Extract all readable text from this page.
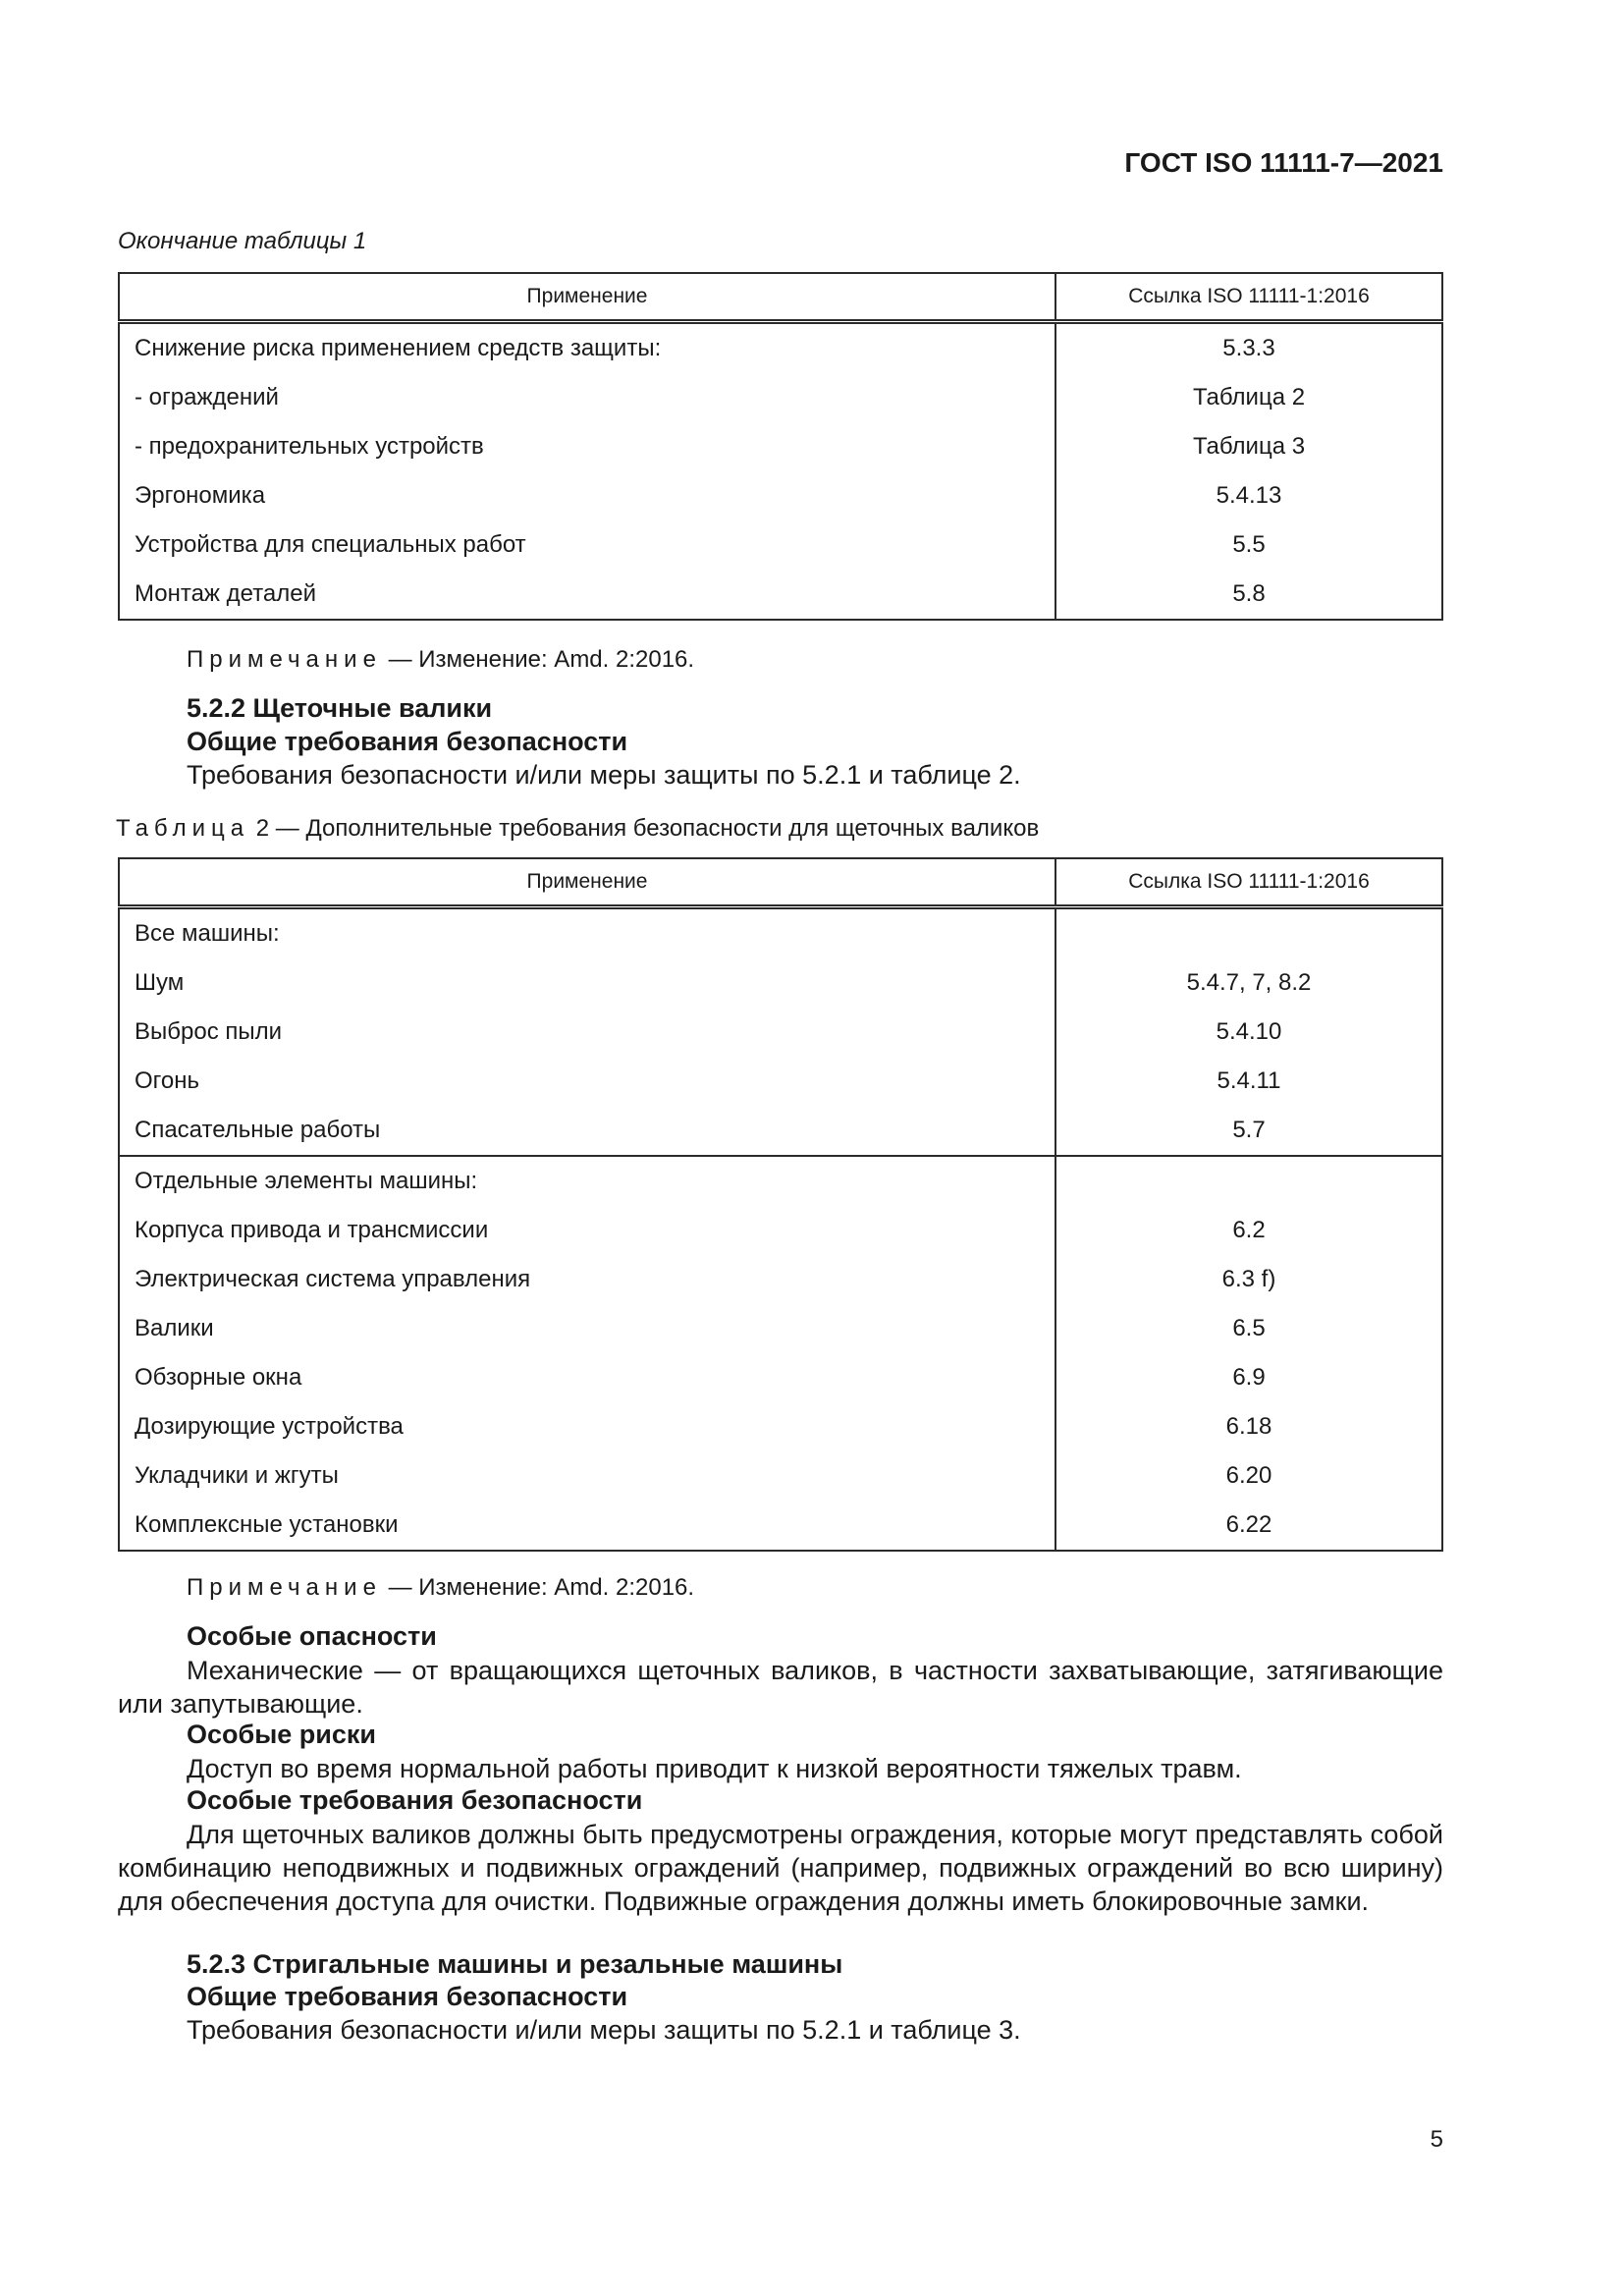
ГОСТ ISO 11111-7—2021
Окончание таблицы 1
Применение	Ссылка ISO 11111-1:2016
Снижение риска применением средств защиты:	5.3.3
- ограждений	Таблица 2
- предохранительных устройств	Таблица 3
Эргономика	5.4.13
Устройства для специальных работ	5.5
Монтаж деталей	5.8
Примечание — Изменение: Amd. 2:2016.
5.2.2 Щеточные валики
Общие требования безопасности
Требования безопасности и/или меры защиты по 5.2.1 и таблице 2.
Таблица 2 — Дополнительные требования безопасности для щеточных валиков
Применение	Ссылка ISO 11111-1:2016
Все машины:	
Шум	5.4.7, 7, 8.2
Выброс пыли	5.4.10
Огонь	5.4.11
Спасательные работы	5.7
Отдельные элементы машины:	
Корпуса привода и трансмиссии	6.2
Электрическая система управления	6.3 f)
Валики	6.5
Обзорные окна	6.9
Дозирующие устройства	6.18
Укладчики и жгуты	6.20
Комплексные установки	6.22
Примечание — Изменение: Amd. 2:2016.
Особые опасности

Механические — от вращающихся щеточных валиков, в частности захватывающие, затягивающие или запутывающие.

Особые риски
Доступ во время нормальной работы приводит к низкой вероятности тяжелых травм.
Особые требования безопасности

Для щеточных валиков должны быть предусмотрены ограждения, которые могут представлять собой комбинацию неподвижных и подвижных ограждений (например, подвижных ограждений во всю ширину) для обеспечения доступа для очистки. Подвижные ограждения должны иметь блокировочные замки.

5.2.3 Стригальные машины и резальные машины
Общие требования безопасности
Требования безопасности и/или меры защиты по 5.2.1 и таблице 3.
5
